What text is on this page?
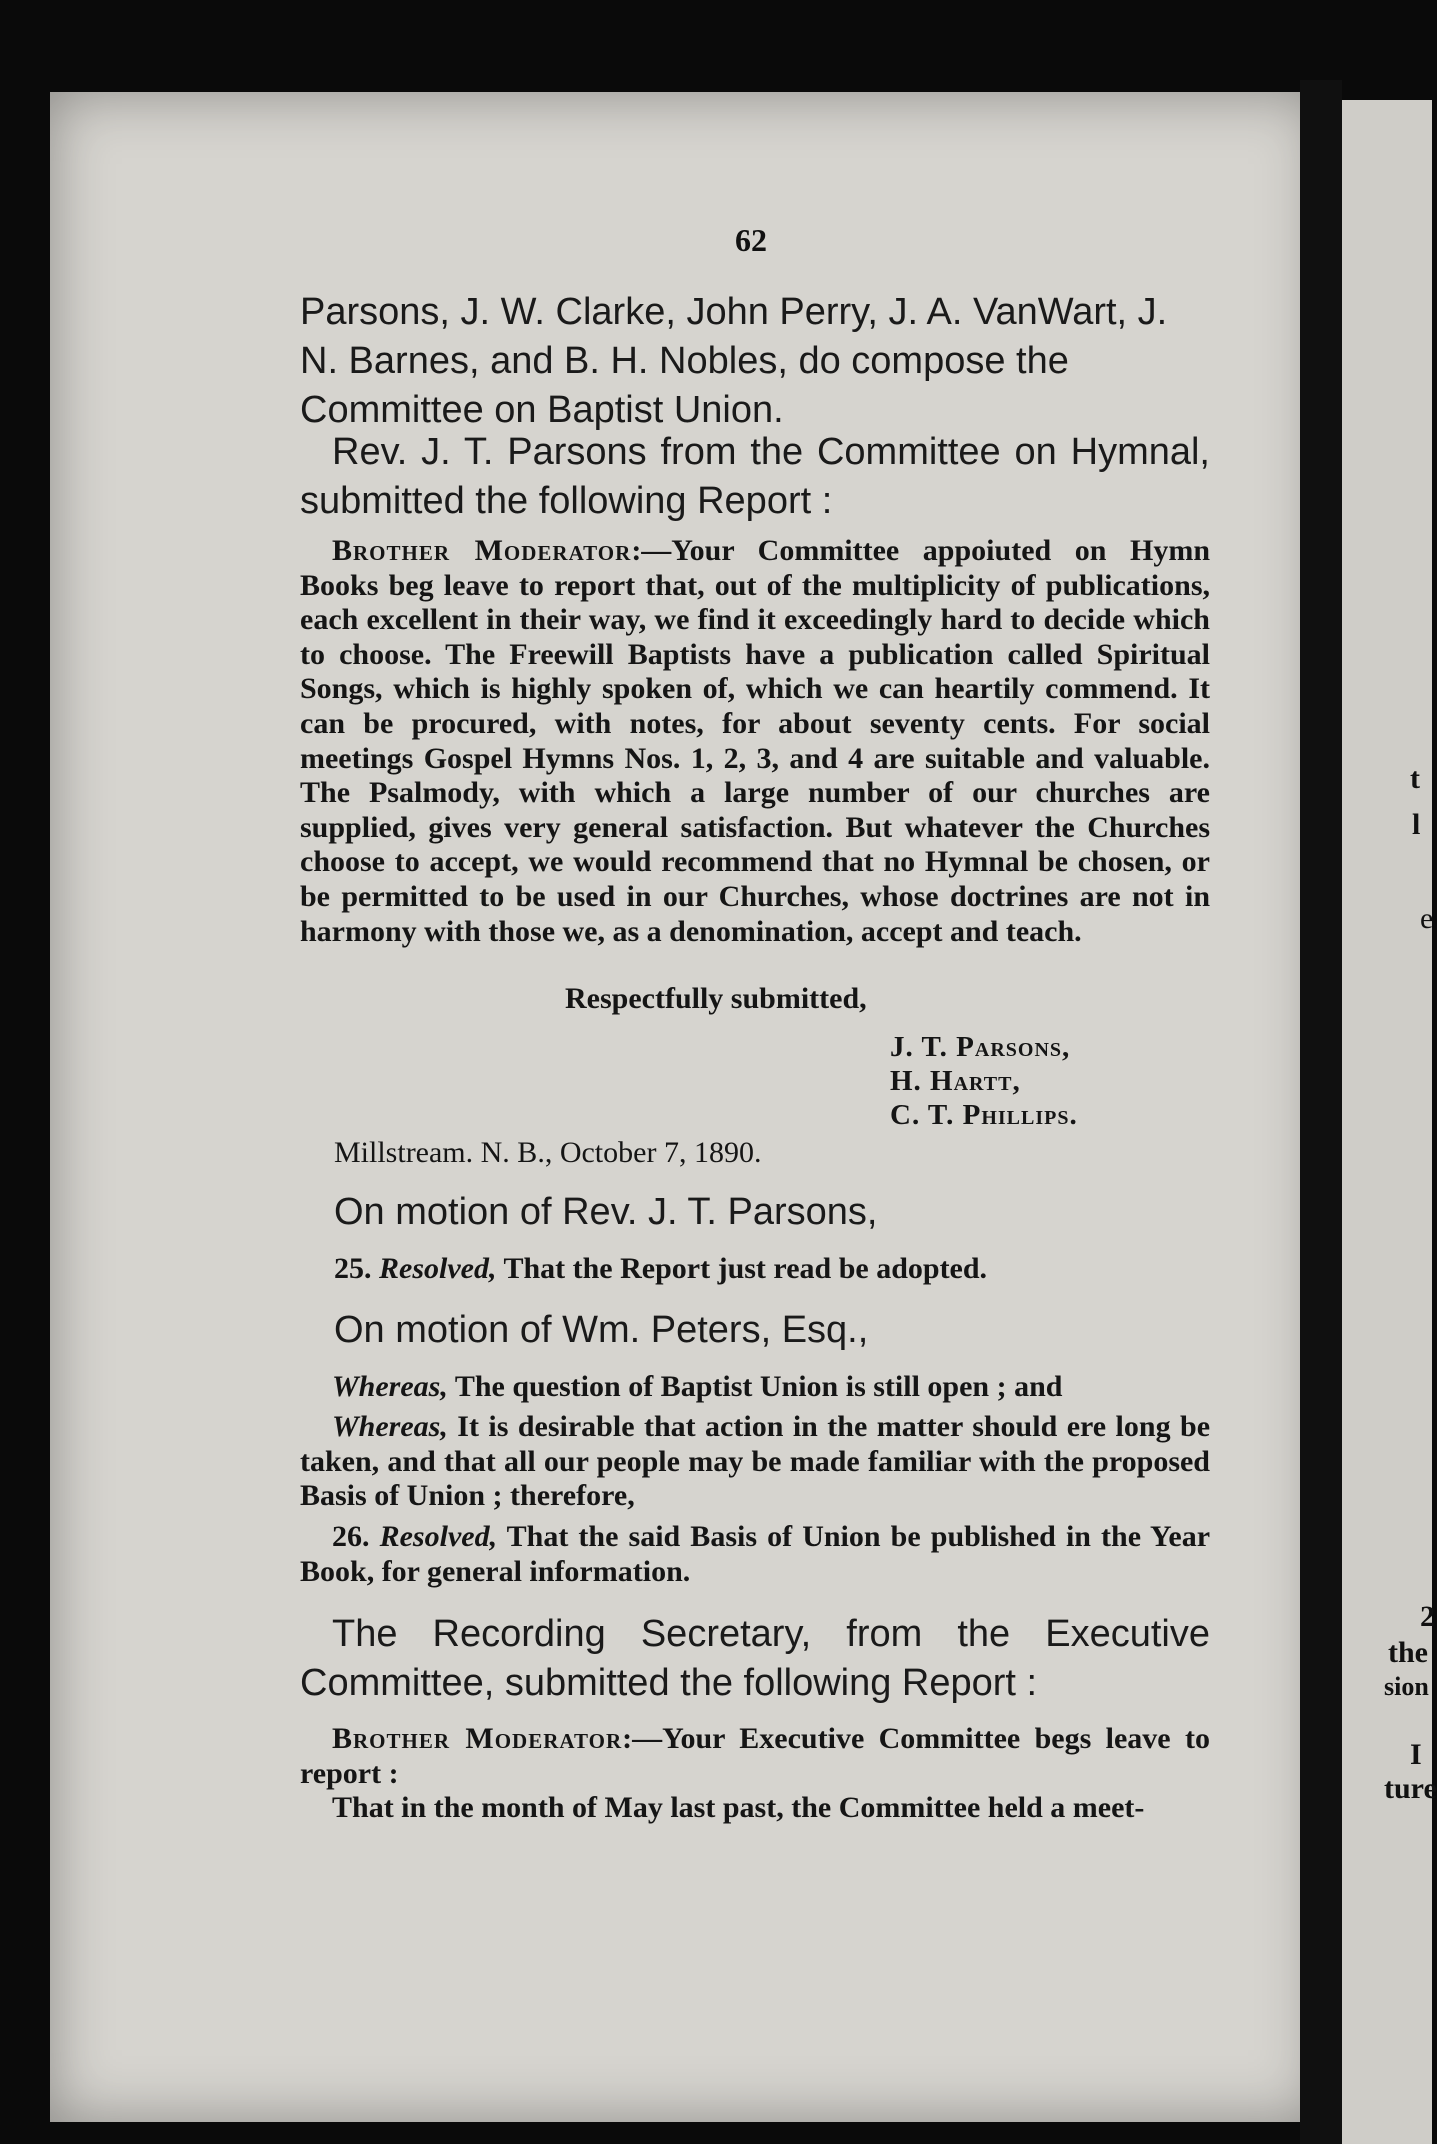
t
l
e
2
the
sion
I
ture
62
Parsons, J. W. Clarke, John Perry, J. A. VanWart, J. N. Barnes, and B. H. Nobles, do compose the Committee on Baptist Union.
Rev. J. T. Parsons from the Committee on Hymnal, submitted the following Report :

Brother Moderator:—Your Committee appoiuted on Hymn Books beg leave to report that, out of the multiplicity of publications, each excellent in their way, we find it exceedingly hard to decide which to choose. The Freewill Baptists have a publication called Spiritual Songs, which is highly spoken of, which we can heartily commend. It can be procured, with notes, for about seventy cents. For social meetings Gospel Hymns Nos. 1, 2, 3, and 4 are suitable and valuable. The Psalmody, with which a large number of our churches are supplied, gives very general satisfaction. But whatever the Churches choose to accept, we would recommend that no Hymnal be chosen, or be permitted to be used in our Churches, whose doctrines are not in harmony with those we, as a denomination, accept and teach.

Respectfully submitted,
J. T. Parsons,
H. Hartt,
C. T. Phillips.
Millstream. N. B., October 7, 1890.
On motion of Rev. J. T. Parsons,
25. Resolved, That the Report just read be adopted.
On motion of Wm. Peters, Esq.,

Whereas, The question of Baptist Union is still open ; and

Whereas, It is desirable that action in the matter should ere long be taken, and that all our people may be made familiar with the proposed Basis of Union ; therefore,

26. Resolved, That the said Basis of Union be published in the Year Book, for general information.

The Recording Secretary, from the Executive Committee, submitted the following Report :

Brother Moderator:—Your Executive Committee begs leave to report :

That in the month of May last past, the Committee held a meet-
